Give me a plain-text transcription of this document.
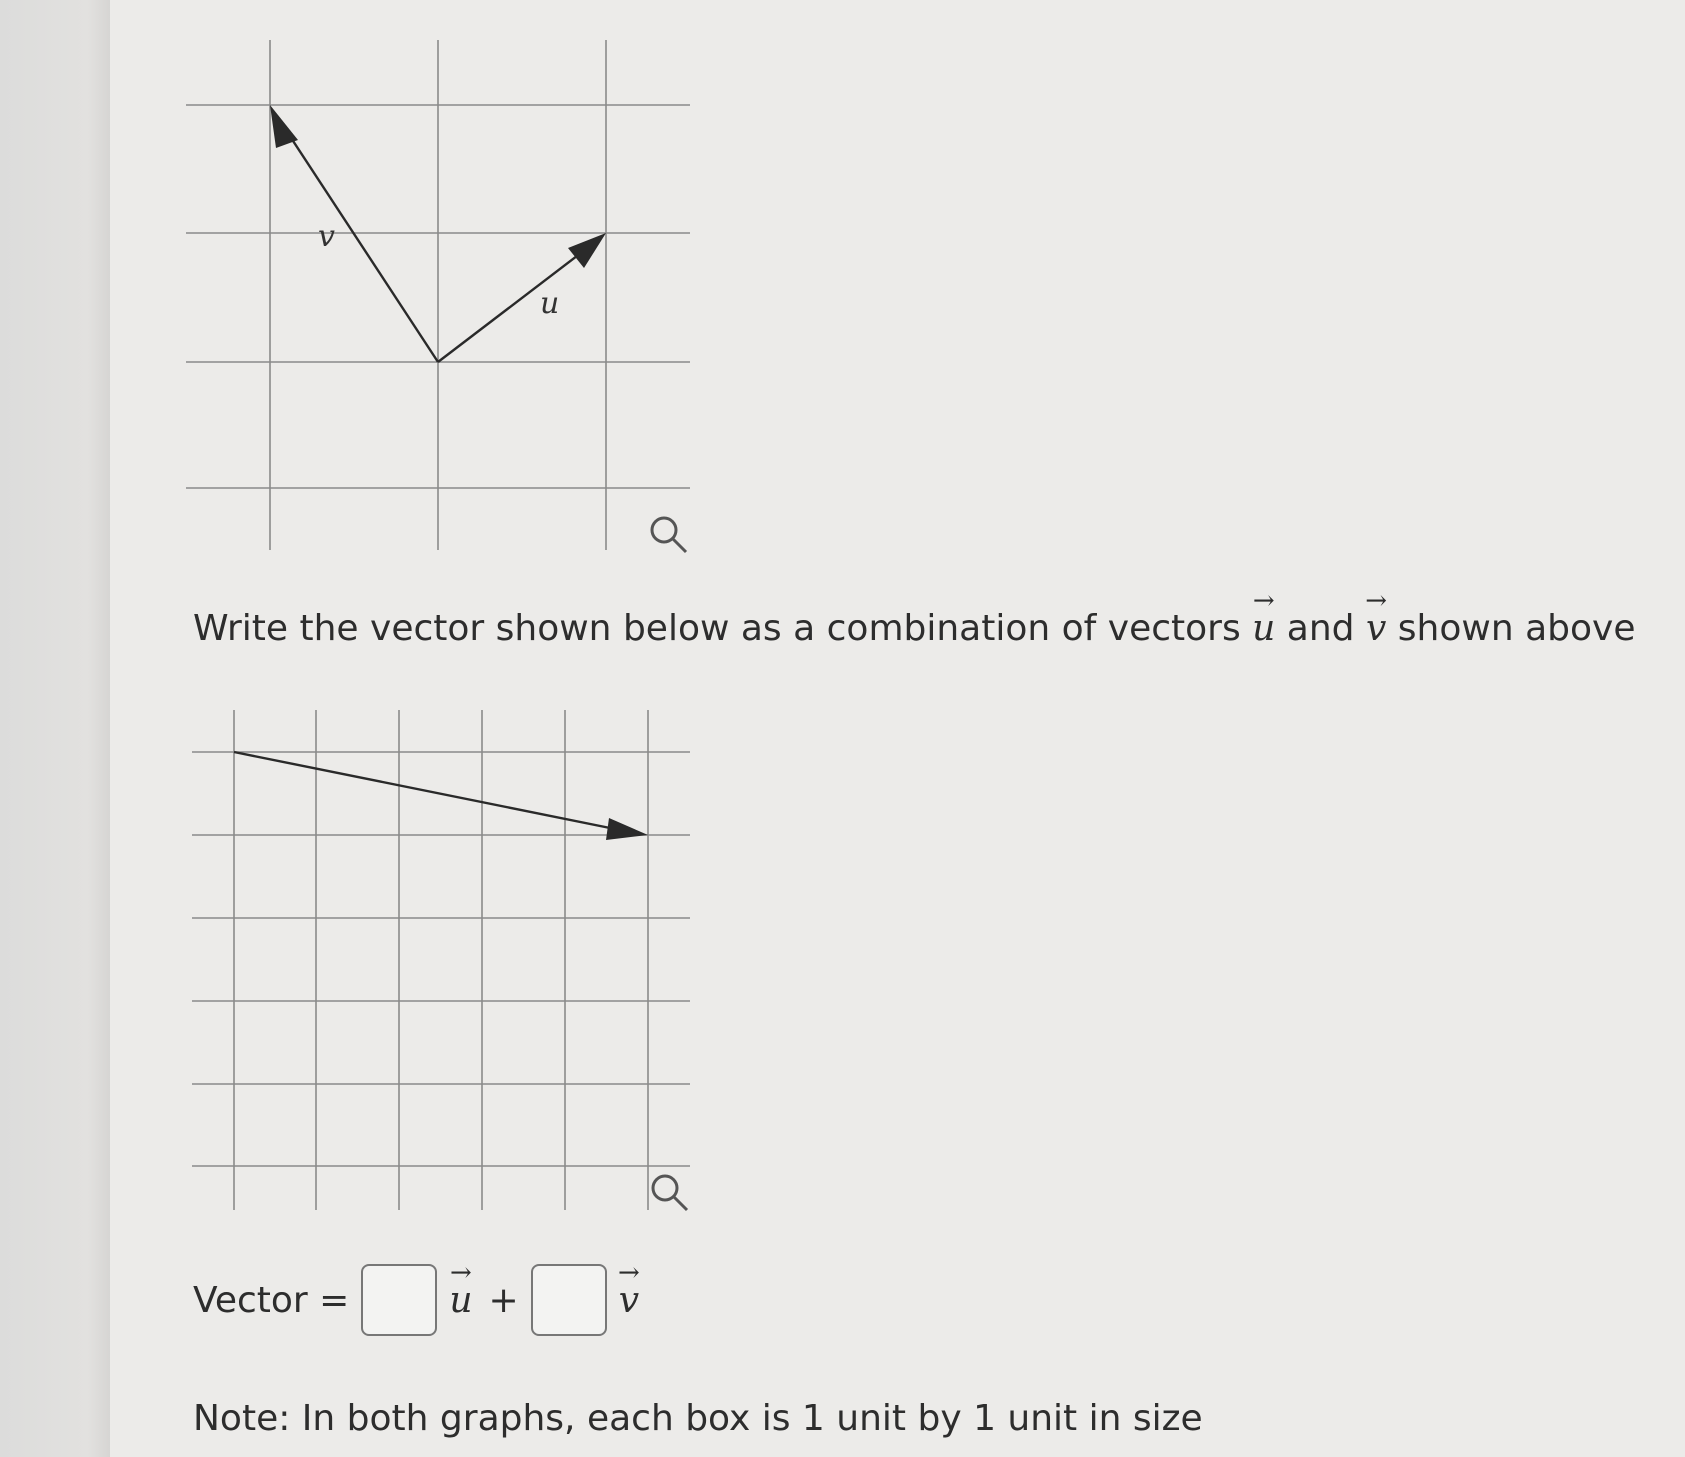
v
u
Write the vector shown below as a combination of vectors → u and → v shown above
Vector =	→ u +	→ v
Note: In both graphs, each box is 1 unit by 1 unit in size
